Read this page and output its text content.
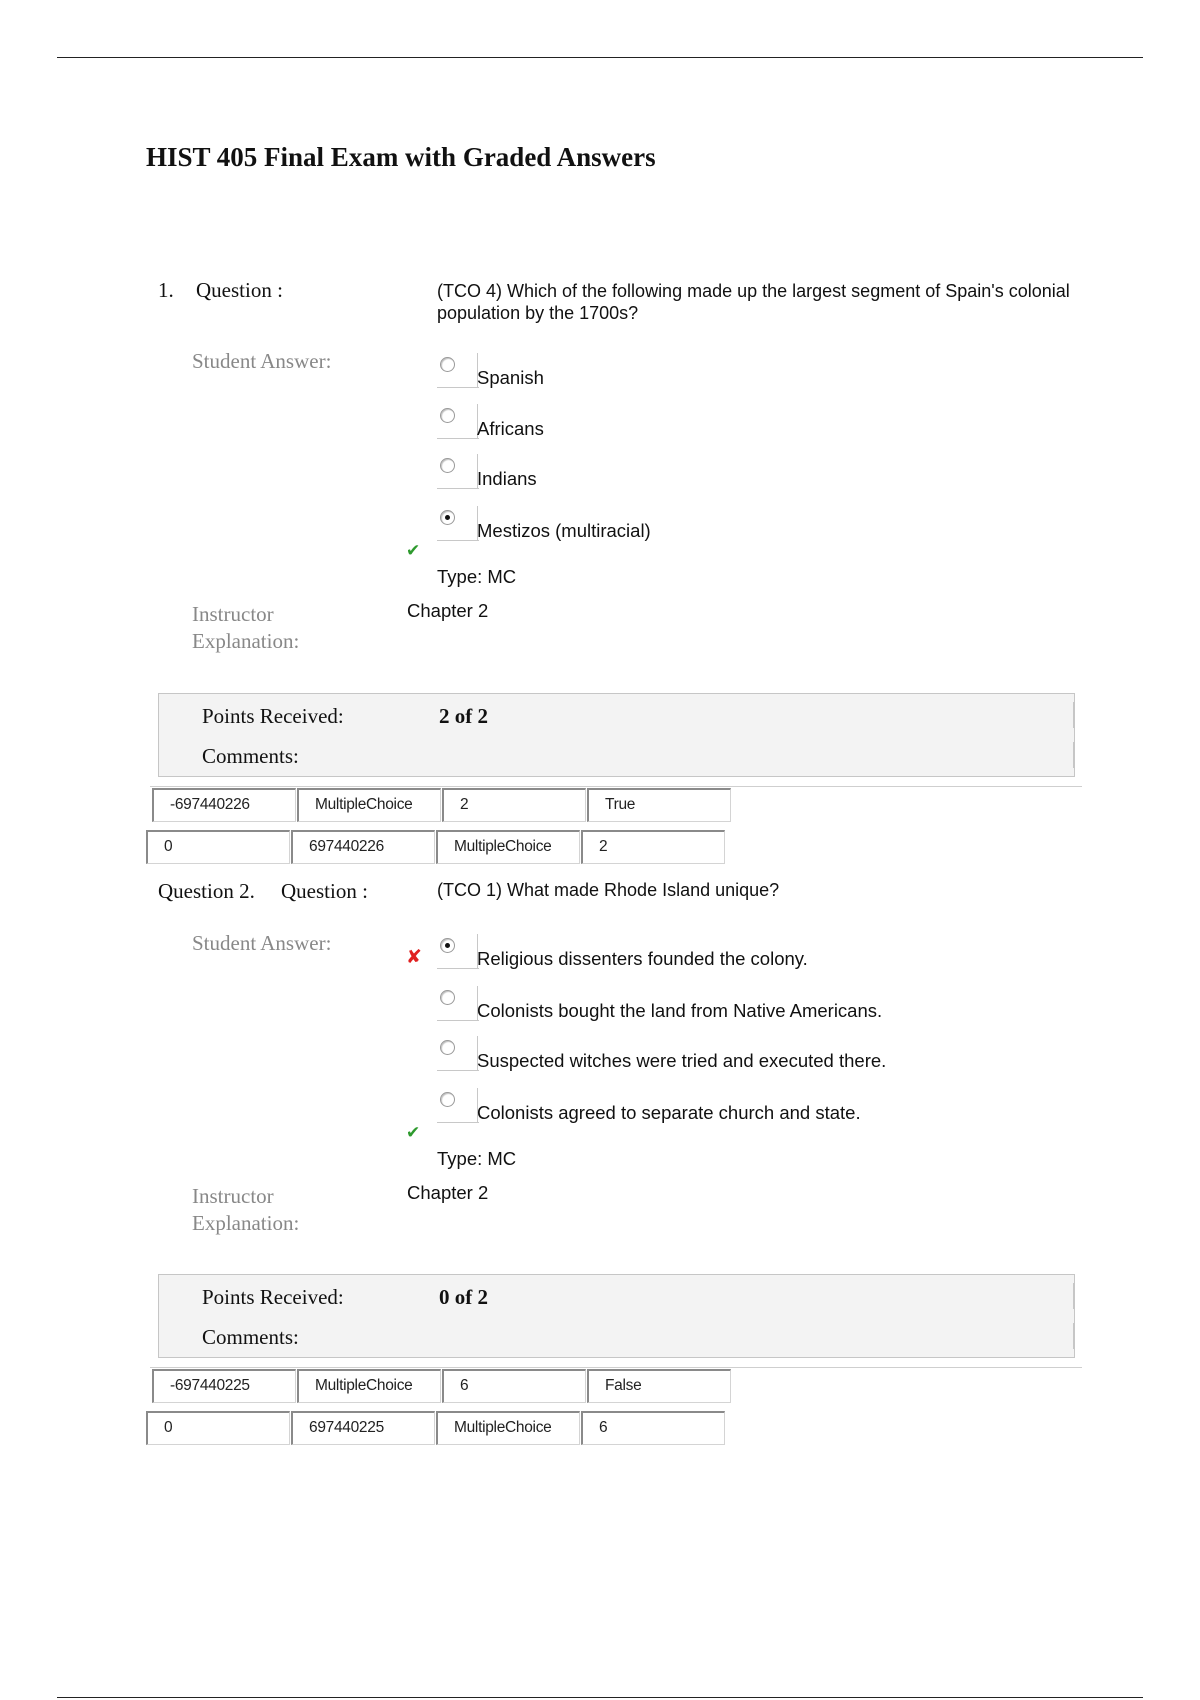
HIST 405 Final Exam with Graded Answers
1. Question :	(TCO 4) Which of the following made up the largest segment of Spain's colonial population by the 1700s?
Student Answer:
Spanish
Africans
Indians
Mestizos (multiracial)
✔
Type: MC
Instructor
Explanation:
Chapter 2
Points Received:	2 of 2
Comments:
-697440226	MultipleChoice	2	True
0	697440226	MultipleChoice	2
Question 2. Question :	(TCO 1) What made Rhode Island unique?
Student Answer:
✘	Religious dissenters founded the colony.
Colonists bought the land from Native Americans.
Suspected witches were tried and executed there.
Colonists agreed to separate church and state.
✔
Type: MC
Instructor
Explanation:
Chapter 2
Points Received:	0 of 2
Comments:
-697440225	MultipleChoice	6	False
0	697440225	MultipleChoice	6
